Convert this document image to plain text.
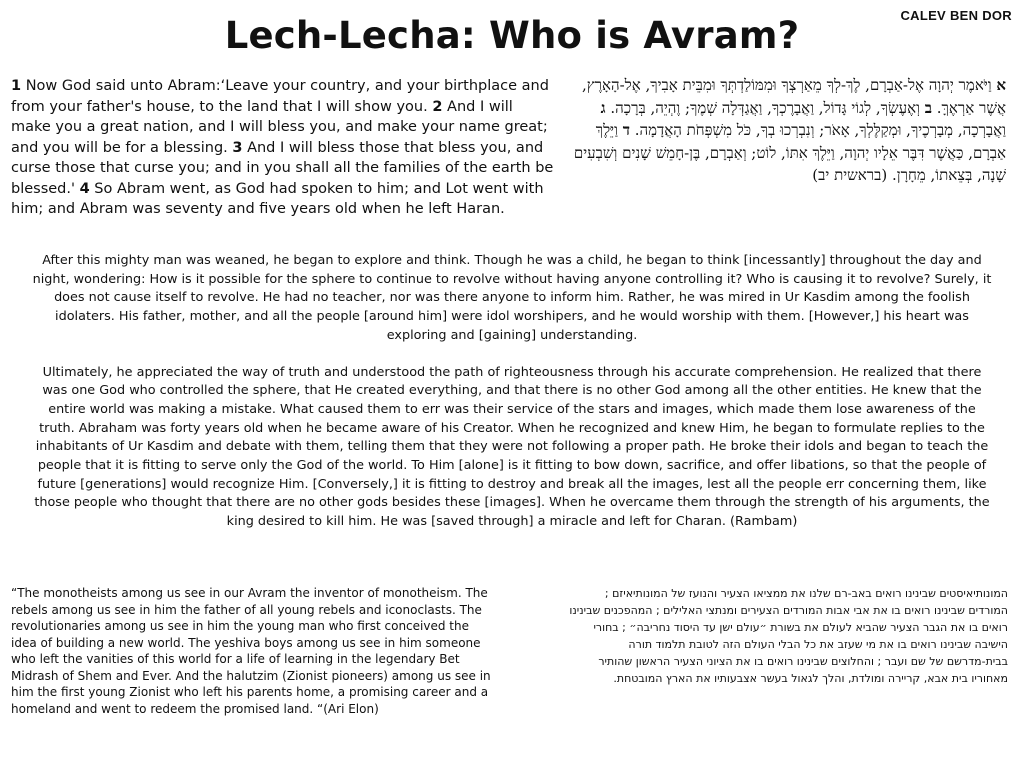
CALEV BEN DOR
Lech-Lecha: Who is Avram?
1 Now God said unto Abram:‘Leave your country, and your birthplace and from your father's house, to the land that I will show you. 2 And I will make you a great nation, and I will bless you, and make your name great; and you will be for a blessing. 3 And I will bless those that bless you, and curse those that curse you; and in you shall all the families of the earth be blessed.' 4 So Abram went, as God had spoken to him; and Lot went with him; and Abram was seventy and five years old when he left Haran.
א וַיֹּאמֶר יְהוָה אֶל-אַבְרָם, לֶךְ-לְךָ מֵאַרְצְךָ וּמִמּוֹלַדְתְּךָ וּמִבֵּית אָבִיךָ, אֶל-הָאָרֶץ, אֲשֶׁר אַרְאֶךָּ. ב וְאֶעֶשְׂךָ, לְגוֹי גָּדוֹל, וַאֲבָרֶכְךָ, וַאֲגַדְּלָה שְׁמֶךָ; וֶהְיֵה, בְּרָכָה. ג וַאֲבָרְכָה, מְבָרְכֶיךָ, וּמְקַלֶּלְךָ, אָאֹר; וְנִבְרְכוּ בְךָ, כֹּל מִשְׁפְּחֹת הָאֲדָמָה. ד וַיֵּלֶךְ אַבְרָם, כַּאֲשֶׁר דִּבֶּר אֵלָיו יְהוָה, וַיֵּלֶךְ אִתּוֹ, לוֹט; וְאַבְרָם, בֶּן-חָמֵשׁ שָׁנִים וְשִׁבְעִים שָׁנָה, בְּצֵאתוֹ, מֵחָרָן. (בראשית יב)

After this mighty man was weaned, he began to explore and think. Though he was a child, he began to think [incessantly] throughout the day and night, wondering: How is it possible for the sphere to continue to revolve without having anyone controlling it? Who is causing it to revolve? Surely, it does not cause itself to revolve. He had no teacher, nor was there anyone to inform him. Rather, he was mired in Ur Kasdim among the foolish idolaters. His father, mother, and all the people [around him] were idol worshipers, and he would worship with them. [However,] his heart was exploring and [gaining] understanding.

Ultimately, he appreciated the way of truth and understood the path of righteousness through his accurate comprehension. He realized that there was one God who controlled the sphere, that He created everything, and that there is no other God among all the other entities. He knew that the entire world was making a mistake. What caused them to err was their service of the stars and images, which made them lose awareness of the truth. Abraham was forty years old when he became aware of his Creator. When he recognized and knew Him, he began to formulate replies to the inhabitants of Ur Kasdim and debate with them, telling them that they were not following a proper path. He broke their idols and began to teach the people that it is fitting to serve only the God of the world. To Him [alone] is it fitting to bow down, sacrifice, and offer libations, so that the people of future [generations] would recognize Him. [Conversely,] it is fitting to destroy and break all the images, lest all the people err concerning them, like those people who thought that there are no other gods besides these [images]. When he overcame them through the strength of his arguments, the king desired to kill him. He was [saved through] a miracle and left for Charan. (Rambam)

“The monotheists among us see in our Avram the inventor of monotheism. The rebels among us see in him the father of all young rebels and iconoclasts. The revolutionaries among us see in him the young man who first conceived the idea of building a new world. The yeshiva boys among us see in him someone who left the vanities of this world for a life of learning in the legendary Bet Midrash of Shem and Ever. And the halutzim (Zionist pioneers) among us see in him the first young Zionist who left his parents home, a promising career and a homeland and went to redeem the promised land. “(Ari Elon)
המונותיאיסטים שבינינו רואים באב-רם שלנו את ממציאו הצעיר והנועז של המונותיאיזם ; המורדים שבינינו רואים בו את אבי אבות המורדים הצעירים ומנתצי האלילים ; המהפכנים שבינינו רואים בו את הגבר הצעיר שהביא לעולם את בשורת ״עולם ישן עד היסוד נחריבה״ ; בחורי הישיבה שבינינו רואים בו את מי שעזב את כל הבלי העולם הזה לטובת תלמוד תורה בבית-מדרשם של שם ועבר ; והחלוצים שבינינו רואים בו את הציוני הצעיר הראשון שהותיר מאחוריו בית אבא, קריירה ומולדת, והלך לגאול בעשר אצבעותיו את הארץ המובטחת.
